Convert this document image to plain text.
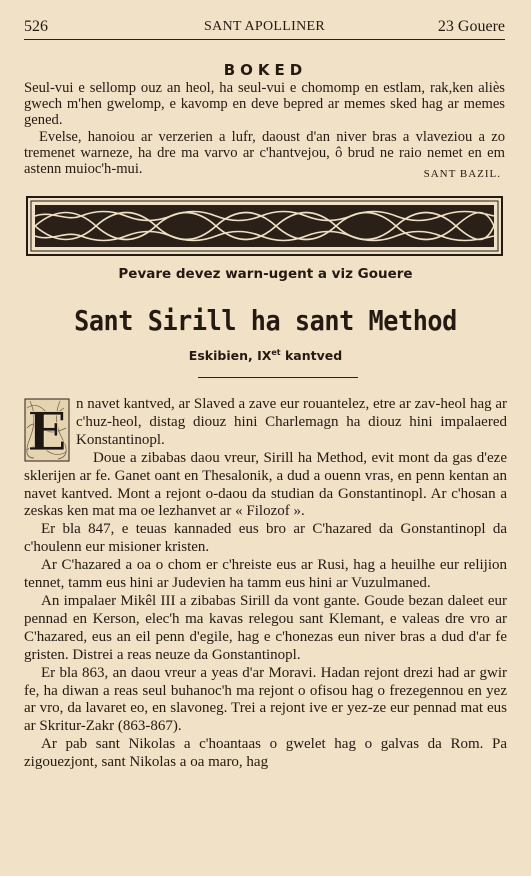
526	SANT APOLLINER	23 Gouere
BOKED

Seul-vui e sellomp ouz an heol, ha seul-vui e chomomp en estlam, rak,ken aliès gwech m'hen gwelomp, e kavomp en deve bepred ar memes sked hag ar memes gened.

Evelse, hanoiou ar verzerien a lufr, daoust d'an niver bras a vlaveziou a zo tremenet warneze, ha dre ma varvo ar c'hantvejou, ô brud ne raio nemet en em astenn muioc'h-mui.	SANT BAZIL.
Pevare devez warn-ugent a viz Gouere
Sant Sirill ha sant Method
Eskibien, $IX^{et}$ kantved

E n navet kantved, ar Slaved a zave eur rouantelez, etre ar zav-heol hag ar c'huz-heol, distag diouz hini Charlemagn ha diouz hini impalaered Konstantinopl.

Doue a zibabas daou vreur, Sirill ha Method, evit mont da gas d'eze sklerijen ar fe. Ganet oant en Thesalonik, a dud a ouenn vras, en penn kentan an navet kantved. Mont a rejont o-daou da studian da Gonstantinopl. Ar c'hosan a zeskas ken mat ma oe lezhanvet ar « Filozof ».

Er bla 847, e teuas kannaded eus bro ar C'hazared da Gonstantinopl da c'houlenn eur misioner kristen.

Ar C'hazared a oa o chom er c'hreiste eus ar Rusi, hag a heuilhe eur relijion tennet, tamm eus hini ar Judevien ha tamm eus hini ar Vuzulmaned.

An impalaer Mikêl III a zibabas Sirill da vont gante. Goude bezan daleet eur pennad en Kerson, elec'h ma kavas relegou sant Klemant, e valeas dre vro ar C'hazared, eus an eil penn d'egile, hag e c'honezas eun niver bras a dud d'ar fe gristen. Distrei a reas neuze da Gonstantinopl.

Er bla 863, an daou vreur a yeas d'ar Moravi. Hadan rejont drezi had ar gwir fe, ha diwan a reas seul buhanoc'h ma rejont o ofisou hag o frezegennou en yez ar vro, da lavaret eo, en slavoneg. Trei a rejont ive er yez-ze eur pennad mat eus ar Skritur-Zakr (863-867).

Ar pab sant Nikolas a c'hoantaas o gwelet hag o galvas da Rom. Pa zigouezjont, sant Nikolas a oa maro, hag
